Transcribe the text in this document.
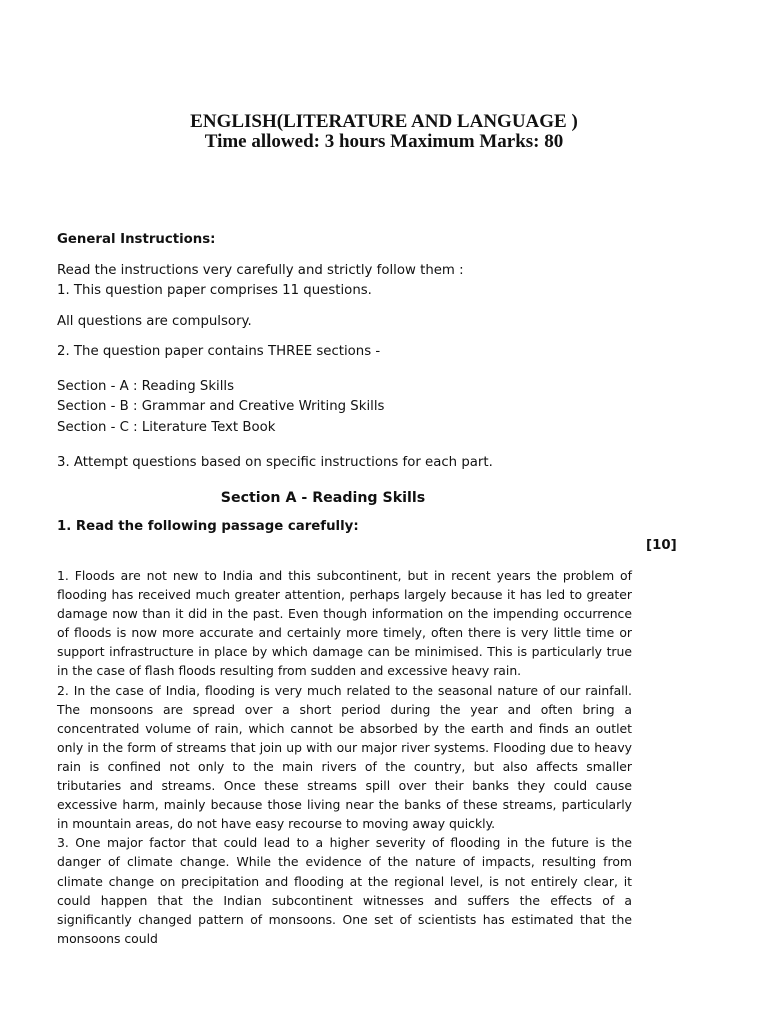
ENGLISH(LITERATURE AND LANGUAGE )
Time allowed: 3 hours Maximum Marks: 80
General Instructions:
Read the instructions very carefully and strictly follow them :
1. This question paper comprises 11 questions.
All questions are compulsory.
2. The question paper contains THREE sections -
Section - A : Reading Skills
Section - B : Grammar and Creative Writing Skills
Section - C : Literature Text Book
3. Attempt questions based on specific instructions for each part.
Section A - Reading Skills
1. Read the following passage carefully:
[10]

1. Floods are not new to India and this subcontinent, but in recent years the problem of flooding has received much greater attention, perhaps largely because it has led to greater damage now than it did in the past. Even though information on the impending occurrence of floods is now more accurate and certainly more timely, often there is very little time or support infrastructure in place by which damage can be minimised. This is particularly true in the case of flash floods resulting from sudden and excessive heavy rain.

2. In the case of India, flooding is very much related to the seasonal nature of our rainfall. The monsoons are spread over a short period during the year and often bring a concentrated volume of rain, which cannot be absorbed by the earth and finds an outlet only in the form of streams that join up with our major river systems. Flooding due to heavy rain is confined not only to the main rivers of the country, but also affects smaller tributaries and streams. Once these streams spill over their banks they could cause excessive harm, mainly because those living near the banks of these streams, particularly in mountain areas, do not have easy recourse to moving away quickly.

3. One major factor that could lead to a higher severity of flooding in the future is the danger of climate change. While the evidence of the nature of impacts, resulting from climate change on precipitation and flooding at the regional level, is not entirely clear, it could happen that the Indian subcontinent witnesses and suffers the effects of a significantly changed pattern of monsoons. One set of scientists has estimated that the monsoons could
